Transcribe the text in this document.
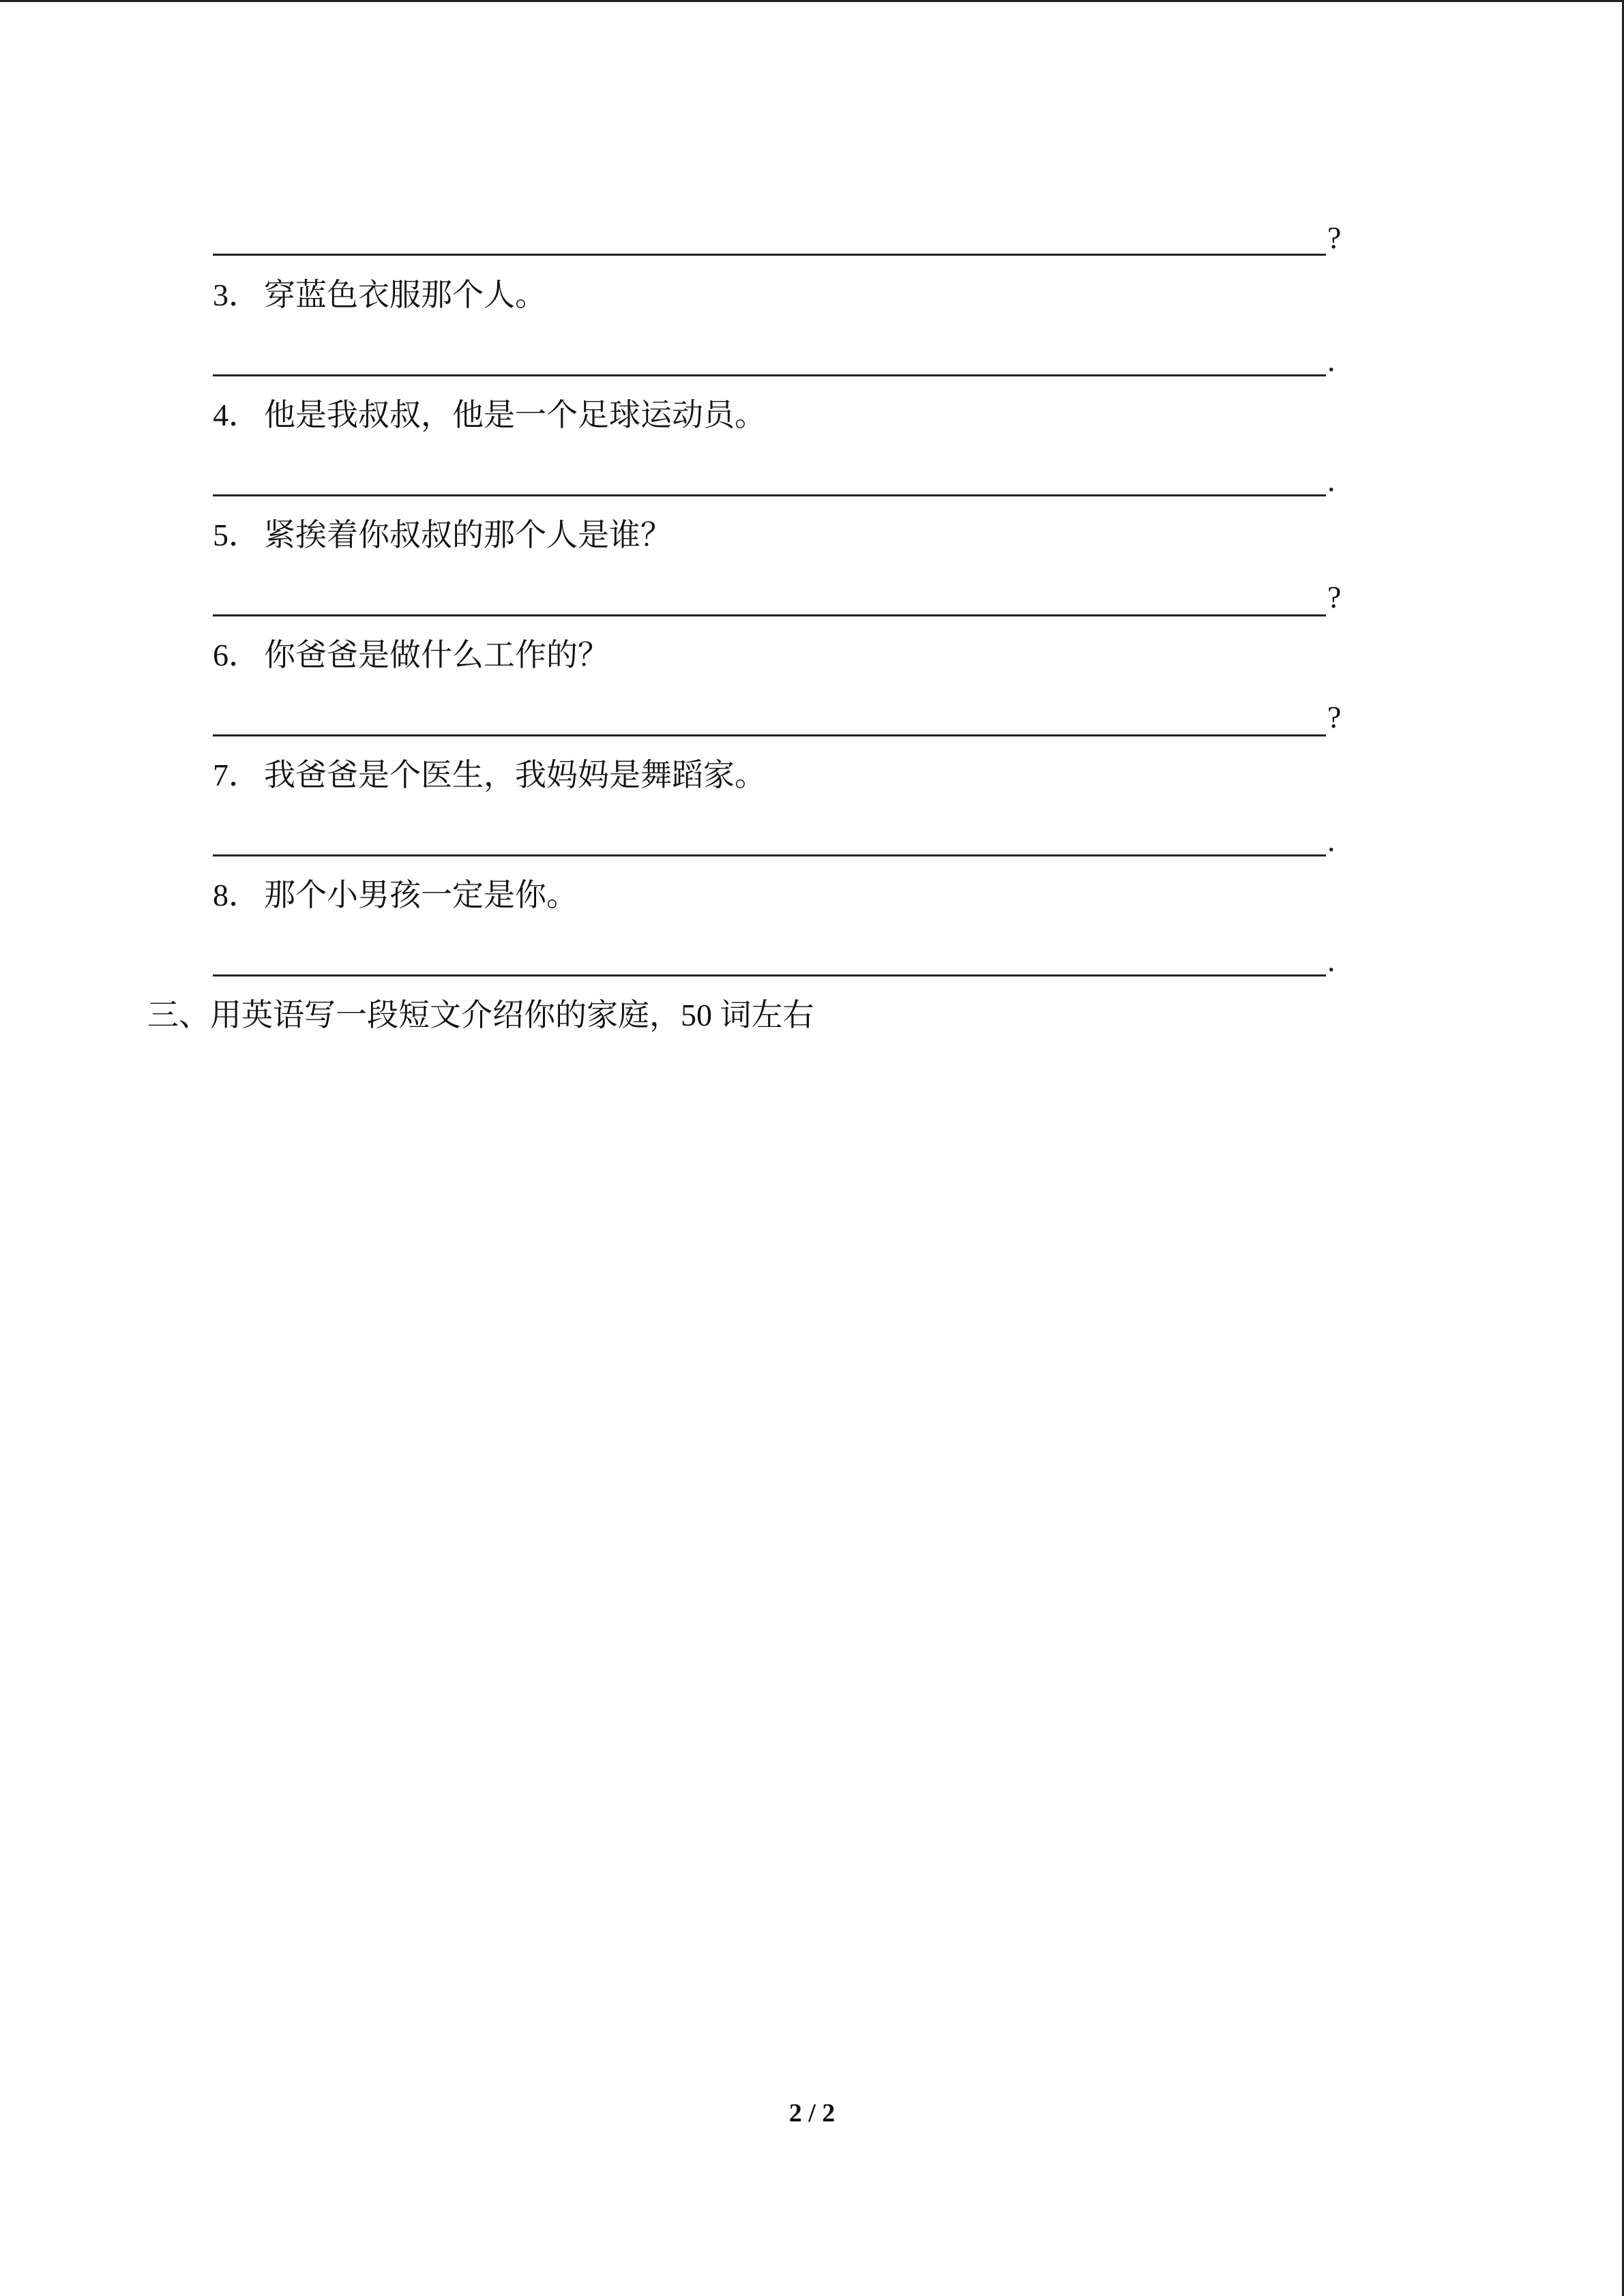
?
3． 穿蓝色衣服那个人。
.
4． 他是我叔叔，他是一个足球运动员。
.
5． 紧挨着你叔叔的那个人是谁？
?
6． 你爸爸是做什么工作的？
?
7． 我爸爸是个医生，我妈妈是舞蹈家。
.
8． 那个小男孩一定是你。
.
三、用英语写一段短文介绍你的家庭，50 词左右
2 / 2
